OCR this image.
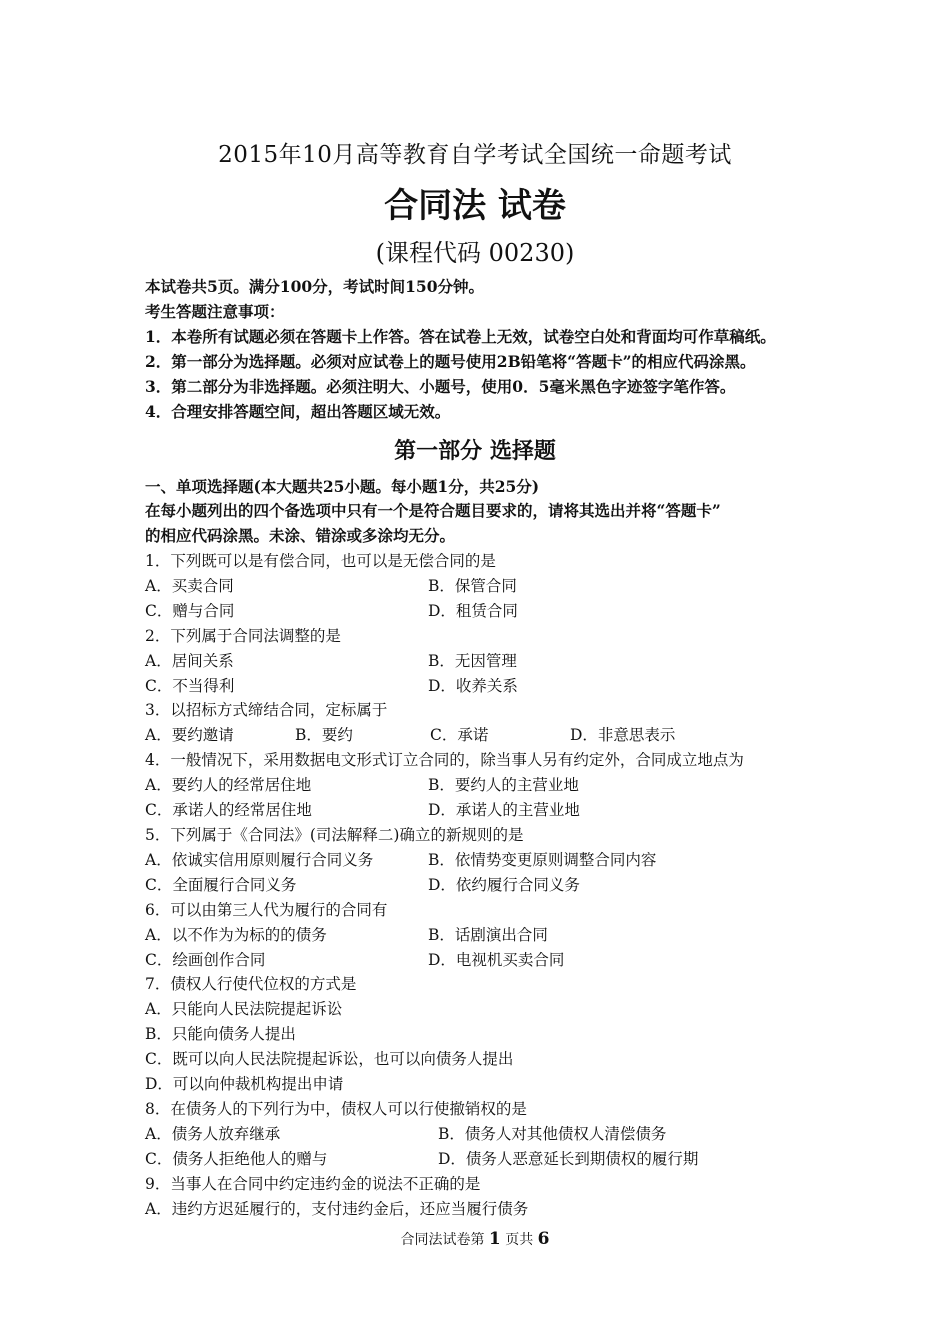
2015年10月高等教育自学考试全国统一命题考试
合同法 试卷
(课程代码 00230)
本试卷共5页。满分100分，考试时间150分钟。
考生答题注意事项：
1．本卷所有试题必须在答题卡上作答。答在试卷上无效，试卷空白处和背面均可作草稿纸。
2．第一部分为选择题。必须对应试卷上的题号使用2B铅笔将“答题卡”的相应代码涂黑。
3．第二部分为非选择题。必须注明大、小题号，使用0．5毫米黑色字迹签字笔作答。
4．合理安排答题空间，超出答题区域无效。
第一部分 选择题
一、单项选择题(本大题共25小题。每小题1分，共25分)
在每小题列出的四个备选项中只有一个是符合题目要求的，请将其选出并将“答题卡”
的相应代码涂黑。未涂、错涂或多涂均无分。
1．下列既可以是有偿合同，也可以是无偿合同的是
A．买卖合同	B．保管合同
C．赠与合同	D．租赁合同
2．下列属于合同法调整的是
A．居间关系	B．无因管理
C．不当得利	D．收养关系
3．以招标方式缔结合同，定标属于
A．要约邀请	B．要约	C．承诺	D．非意思表示
4．一般情况下，采用数据电文形式订立合同的，除当事人另有约定外，合同成立地点为
A．要约人的经常居住地	B．要约人的主营业地
C．承诺人的经常居住地	D．承诺人的主营业地
5．下列属于《合同法》(司法解释二)确立的新规则的是
A．依诚实信用原则履行合同义务	B．依情势变更原则调整合同内容
C．全面履行合同义务	D．依约履行合同义务
6．可以由第三人代为履行的合同有
A．以不作为为标的的债务	B．话剧演出合同
C．绘画创作合同	D．电视机买卖合同
7．债权人行使代位权的方式是
A．只能向人民法院提起诉讼
B．只能向债务人提出
C．既可以向人民法院提起诉讼，也可以向债务人提出
D．可以向仲裁机构提出申请
8．在债务人的下列行为中，债权人可以行使撤销权的是
A．债务人放弃继承	B．债务人对其他债权人清偿债务
C．债务人拒绝他人的赠与	D．债务人恶意延长到期债权的履行期
9．当事人在合同中约定违约金的说法不正确的是
A．违约方迟延履行的，支付违约金后，还应当履行债务
合同法试卷第 1 页共 6
